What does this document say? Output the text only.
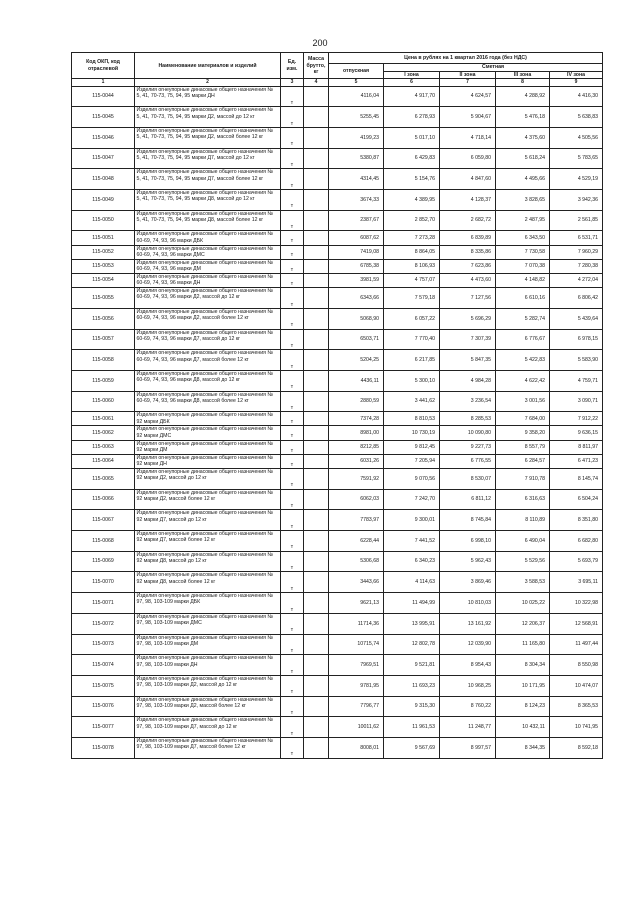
200
Код ОКП, код отраслевой	Наименование материалов и изделий	Ед. изм.	Масса брутто, кг	Цена в рублях на 1 квартал 2016 года (без НДС)				
				отпускная	Сметная			
					I зона	II зона	III зона	IV зона
1	2	3	4	5	6	7	8	9
115-0044	Изделия огнеупорные динасовые общего назначения № 5, 41, 70-73, 75, 94, 95 марки ДН	т		4116,04	4 917,70	4 624,57	4 288,92	4 416,30
115-0045	Изделия огнеупорные динасовые общего назначения № 5, 41, 70-73, 75, 94, 95 марки Д2, массой до 12 кг	т		5255,45	6 278,93	5 904,67	5 476,18	5 638,83
115-0046	Изделия огнеупорные динасовые общего назначения № 5, 41, 70-73, 75, 94, 95 марки Д2, массой более 12 кг	т		4199,23	5 017,10	4 718,14	4 375,60	4 505,56
115-0047	Изделия огнеупорные динасовые общего назначения № 5, 41, 70-73, 75, 94, 95 марки Д7, массой до 12 кг	т		5380,87	6 429,83	6 059,80	5 618,24	5 783,65
115-0048	Изделия огнеупорные динасовые общего назначения № 5, 41, 70-73, 75, 94, 95 марки Д7, массой более 12 кг	т		4314,45	5 154,76	4 847,60	4 495,66	4 529,19
115-0049	Изделия огнеупорные динасовые общего назначения № 5, 41, 70-73, 75, 94, 95 марки Д8, массой до 12 кг	т		3674,33	4 389,95	4 128,37	3 828,65	3 942,36
115-0050	Изделия огнеупорные динасовые общего назначения № 5, 41, 70-73, 75, 94, 95 марки Д8, массой более 12 кг	т		2387,67	2 852,70	2 682,72	2 487,95	2 561,85
115-0051	Изделия огнеупорные динасовые общего назначения № 60-69, 74, 93, 96 марки ДБК	т		6087,62	7 273,28	6 839,89	6 343,50	6 531,71
115-0052	Изделия огнеупорные динасовые общего назначения № 60-69, 74, 93, 96 марки ДМС	т		7419,08	8 864,05	8 335,86	7 730,58	7 960,29
115-0053	Изделия огнеупорные динасовые общего назначения № 60-69, 74, 93, 96 марки ДМ	т		6785,38	8 106,93	7 623,86	7 070,38	7 280,38
115-0054	Изделия огнеупорные динасовые общего назначения № 60-69, 74, 93, 96 марки ДН	т		3981,59	4 757,07	4 473,60	4 148,82	4 272,04
115-0055	Изделия огнеупорные динасовые общего назначения № 60-69, 74, 93, 96 марки Д2, массой до 12 кг	т		6343,66	7 579,18	7 127,56	6 610,16	6 806,42
115-0056	Изделия огнеупорные динасовые общего назначения № 60-69, 74, 93, 96 марки Д2, массой более 12 кг	т		5068,90	6 057,22	5 696,29	5 282,74	5 439,64
115-0057	Изделия огнеупорные динасовые общего назначения № 60-69, 74, 93, 96 марки Д7, массой до 12 кг	т		6503,71	7 770,40	7 307,39	6 776,67	6 978,15
115-0058	Изделия огнеупорные динасовые общего назначения № 60-69, 74, 93, 96 марки Д7, массой более 12 кг	т		5204,25	6 217,85	5 847,35	5 422,83	5 583,90
115-0059	Изделия огнеупорные динасовые общего назначения № 60-69, 74, 93, 96 марки Д8, массой до 12 кг	т		4436,11	5 300,10	4 984,28	4 622,42	4 759,71
115-0060	Изделия огнеупорные динасовые общего назначения № 60-69, 74, 93, 96 марки Д8, массой более 12 кг	т		2880,59	3 441,62	3 236,54	3 001,56	3 090,71
115-0061	Изделия огнеупорные динасовые общего назначения № 92 марки ДБК	т		7374,28	8 810,53	8 285,53	7 684,00	7 912,22
115-0062	Изделия огнеупорные динасовые общего назначения № 92 марки ДМС	т		8981,00	10 730,19	10 090,80	9 358,20	9 636,15
115-0063	Изделия огнеупорные динасовые общего назначения № 92 марки ДМ	т		8212,85	9 812,45	9 227,73	8 557,79	8 811,97
115-0064	Изделия огнеупорные динасовые общего назначения № 92 марки ДН	т		6031,26	7 205,94	6 776,55	6 284,57	6 471,23
115-0065	Изделия огнеупорные динасовые общего назначения № 92 марки Д2, массой до 12 кг	т		7591,92	9 070,56	8 530,07	7 910,78	8 145,74
115-0066	Изделия огнеупорные динасовые общего назначения № 92 марки Д2, массой более 12 кг	т		6062,03	7 242,70	6 811,12	6 316,63	6 504,24
115-0067	Изделия огнеупорные динасовые общего назначения № 92 марки Д7, массой до 12 кг	т		7783,97	9 300,01	8 745,84	8 110,89	8 351,80
115-0068	Изделия огнеупорные динасовые общего назначения № 92 марки Д7, массой более 12 кг	т		6228,44	7 441,52	6 998,10	6 490,04	6 682,80
115-0069	Изделия огнеупорные динасовые общего назначения № 92 марки Д8, массой до 12 кг	т		5306,68	6 340,23	5 962,43	5 529,56	5 693,79
115-0070	Изделия огнеупорные динасовые общего назначения № 92 марки Д8, массой более 12 кг	т		3443,66	4 114,63	3 869,46	3 588,53	3 695,11
115-0071	Изделия огнеупорные динасовые общего назначения № 97, 98, 103-109 марки ДБК	т		9621,13	11 494,99	10 810,03	10 025,22	10 322,98
115-0072	Изделия огнеупорные динасовые общего назначения № 97, 98, 103-109 марки ДМС	т		11714,36	13 995,91	13 161,92	12 206,37	12 568,91
115-0073	Изделия огнеупорные динасовые общего назначения № 97, 98, 103-109 марки ДМ	т		10715,74	12 802,78	12 039,90	11 165,80	11 497,44
115-0074	Изделия огнеупорные динасовые общего назначения № 97, 98, 103-109 марки ДН	т		7969,51	9 521,81	8 954,43	8 304,34	8 550,98
115-0075	Изделия огнеупорные динасовые общего назначения № 97, 98, 103-109 марки Д2, массой до 12 кг	т		9781,95	11 693,23	10 968,25	10 171,95	10 474,07
115-0076	Изделия огнеупорные динасовые общего назначения № 97, 98, 103-109 марки Д2, массой более 12 кг	т		7796,77	9 315,30	8 760,22	8 124,23	8 365,53
115-0077	Изделия огнеупорные динасовые общего назначения № 97, 98, 103-109 марки Д7, массой до 12 кг	т		10011,62	11 961,53	11 248,77	10 432,11	10 741,95
115-0078	Изделия огнеупорные динасовые общего назначения № 97, 98, 103-109 марки Д7, массой более 12 кг	т		8008,01	9 567,69	8 997,57	8 344,35	8 592,18
